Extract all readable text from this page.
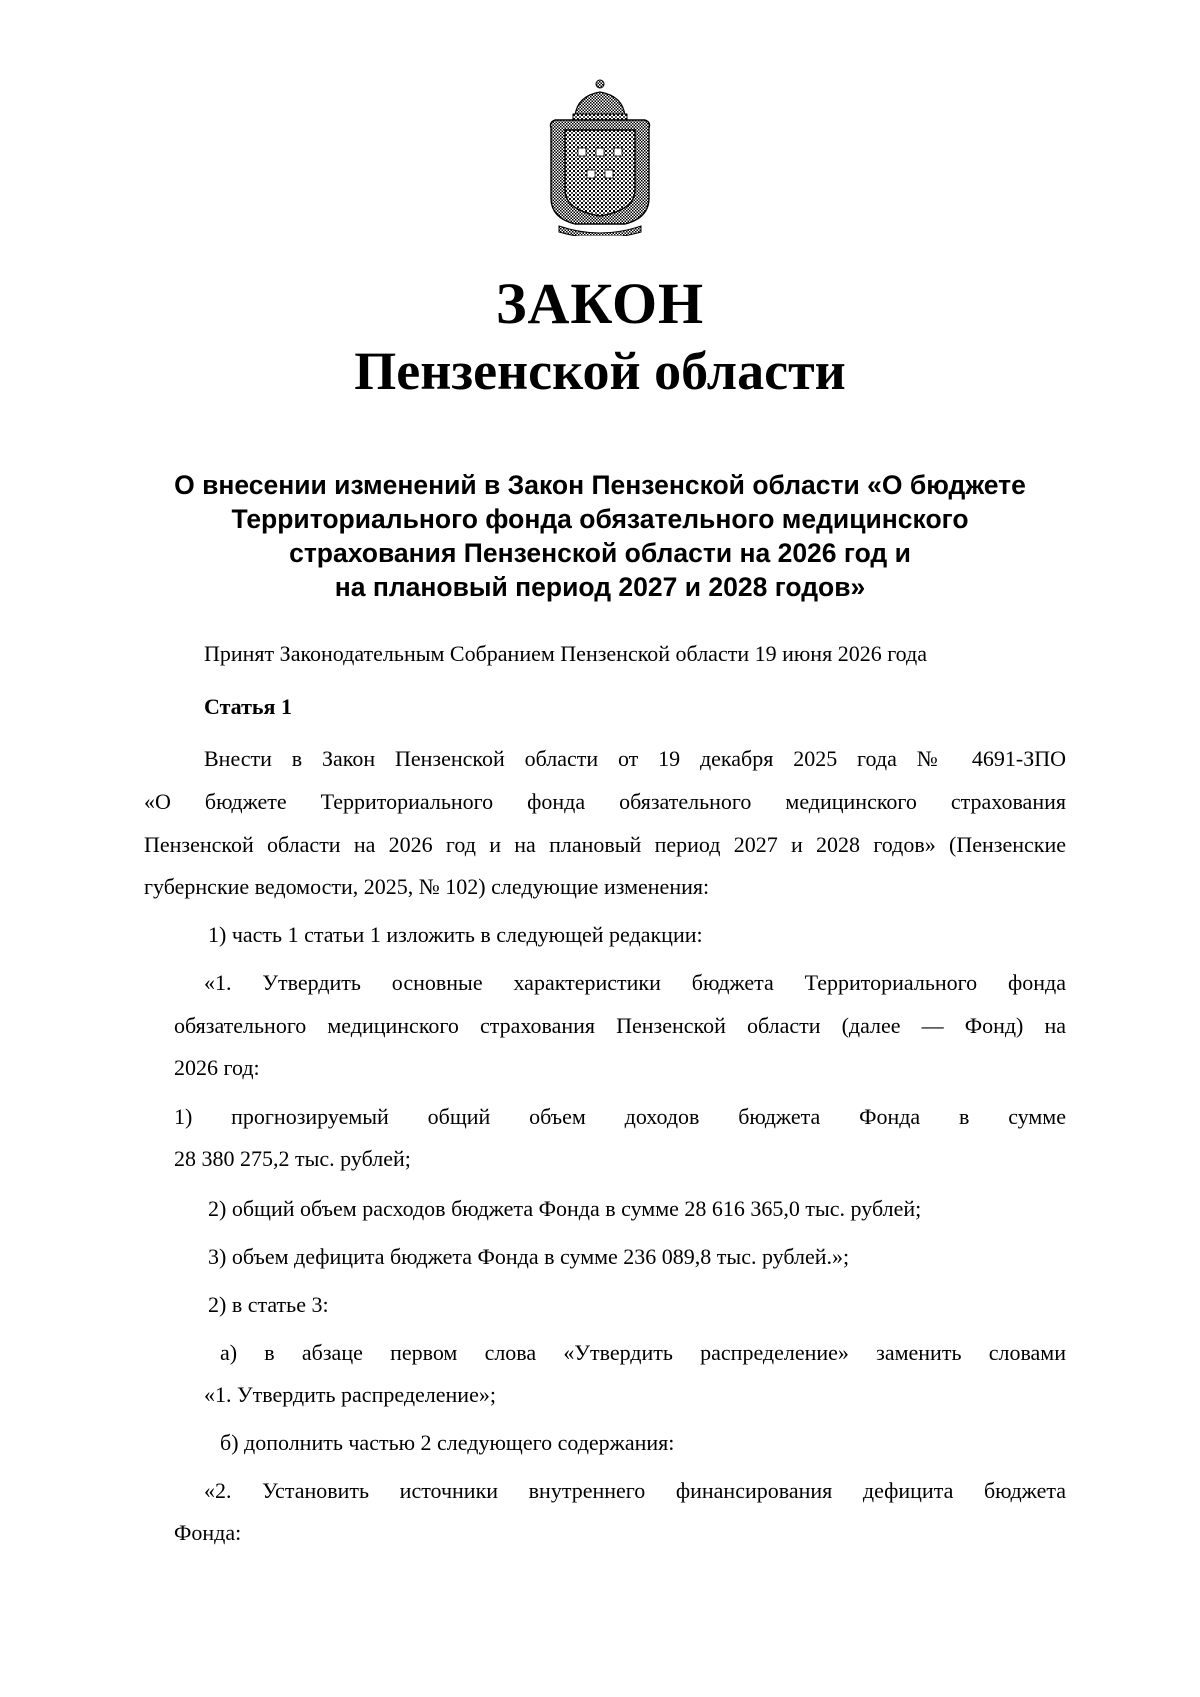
ЗАКОН
Пензенской области
О внесении изменений в Закон Пензенской области «О бюджете
Территориального фонда обязательного медицинского
страхования Пензенской области на 2026 год и
на плановый период 2027 и 2028 годов»
Принят Законодательным Собранием Пензенской области 19 июня 2026 года
Статья 1
Внести в Закон Пензенской области от 19 декабря 2025 года № 4691-ЗПО
«О бюджете Территориального фонда обязательного медицинского страхования
Пензенской области на 2026 год и на плановый период 2027 и 2028 годов» (Пензенские
губернские ведомости, 2025, № 102) следующие изменения:
1) часть 1 статьи 1 изложить в следующей редакции:
«1. Утвердить основные характеристики бюджета Территориального фонда
обязательного медицинского страхования Пензенской области (далее — Фонд) на
2026 год:
1) прогнозируемый общий объем доходов бюджета Фонда в сумме
28 380 275,2 тыс. рублей;
2) общий объем расходов бюджета Фонда в сумме 28 616 365,0 тыс. рублей;
3) объем дефицита бюджета Фонда в сумме 236 089,8 тыс. рублей.»;
2) в статье 3:
а) в абзаце первом слова «Утвердить распределение» заменить словами
«1. Утвердить распределение»;
б) дополнить частью 2 следующего содержания:
«2. Установить источники внутреннего финансирования дефицита бюджета
Фонда:
